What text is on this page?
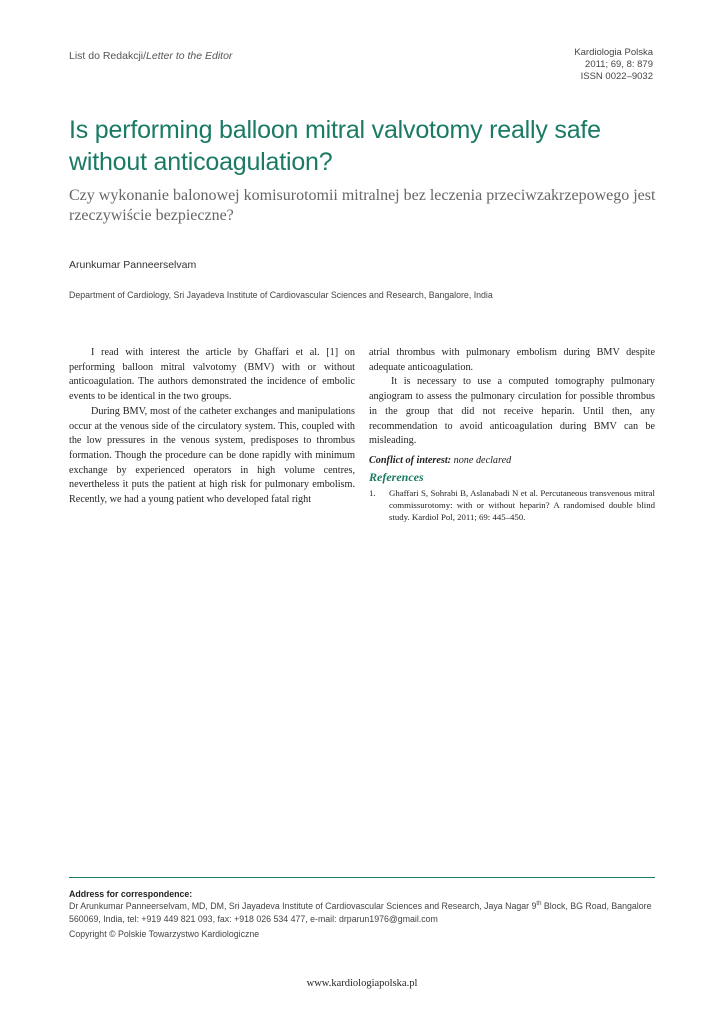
List do Redakcji/Letter to the Editor	Kardiologia Polska
2011; 69, 8: 879
ISSN 0022–9032
Is performing balloon mitral valvotomy really safe without anticoagulation?
Czy wykonanie balonowej komisurotomii mitralnej bez leczenia przeciwzakrzepowego jest rzeczywiście bezpieczne?
Arunkumar Panneerselvam
Department of Cardiology, Sri Jayadeva Institute of Cardiovascular Sciences and Research, Bangalore, India

I read with interest the article by Ghaffari et al. [1] on performing balloon mitral valvotomy (BMV) with or without anticoagulation. The authors demonstrated the incidence of embolic events to be identical in the two groups.

During BMV, most of the catheter exchanges and manipulations occur at the venous side of the circulatory system. This, coupled with the low pressures in the venous system, predisposes to thrombus formation. Though the procedure can be done rapidly with minimum exchange by experienced operators in high volume centres, nevertheless it puts the patient at high risk for pulmonary embolism. Recently, we had a young patient who developed fatal right

atrial thrombus with pulmonary embolism during BMV despite adequate anticoagulation.

It is necessary to use a computed tomography pulmonary angiogram to assess the pulmonary circulation for possible thrombus in the group that did not receive heparin. Until then, any recommendation to avoid anticoagulation during BMV can be misleading.

Conflict of interest: none declared

References
1.	Ghaffari S, Sohrabi B, Aslanabadi N et al. Percutaneous transvenous mitral commissurotomy: with or without heparin? A randomised double blind study. Kardiol Pol, 2011; 69: 445–450.
Address for correspondence:
Dr Arunkumar Panneerselvam, MD, DM, Sri Jayadeva Institute of Cardiovascular Sciences and Research, Jaya Nagar 9th Block, BG Road, Bangalore 560069, India, tel: +919 449 821 093, fax: +918 026 534 477, e-mail: drparun1976@gmail.com
Copyright © Polskie Towarzystwo Kardiologiczne
www.kardiologiapolska.pl
